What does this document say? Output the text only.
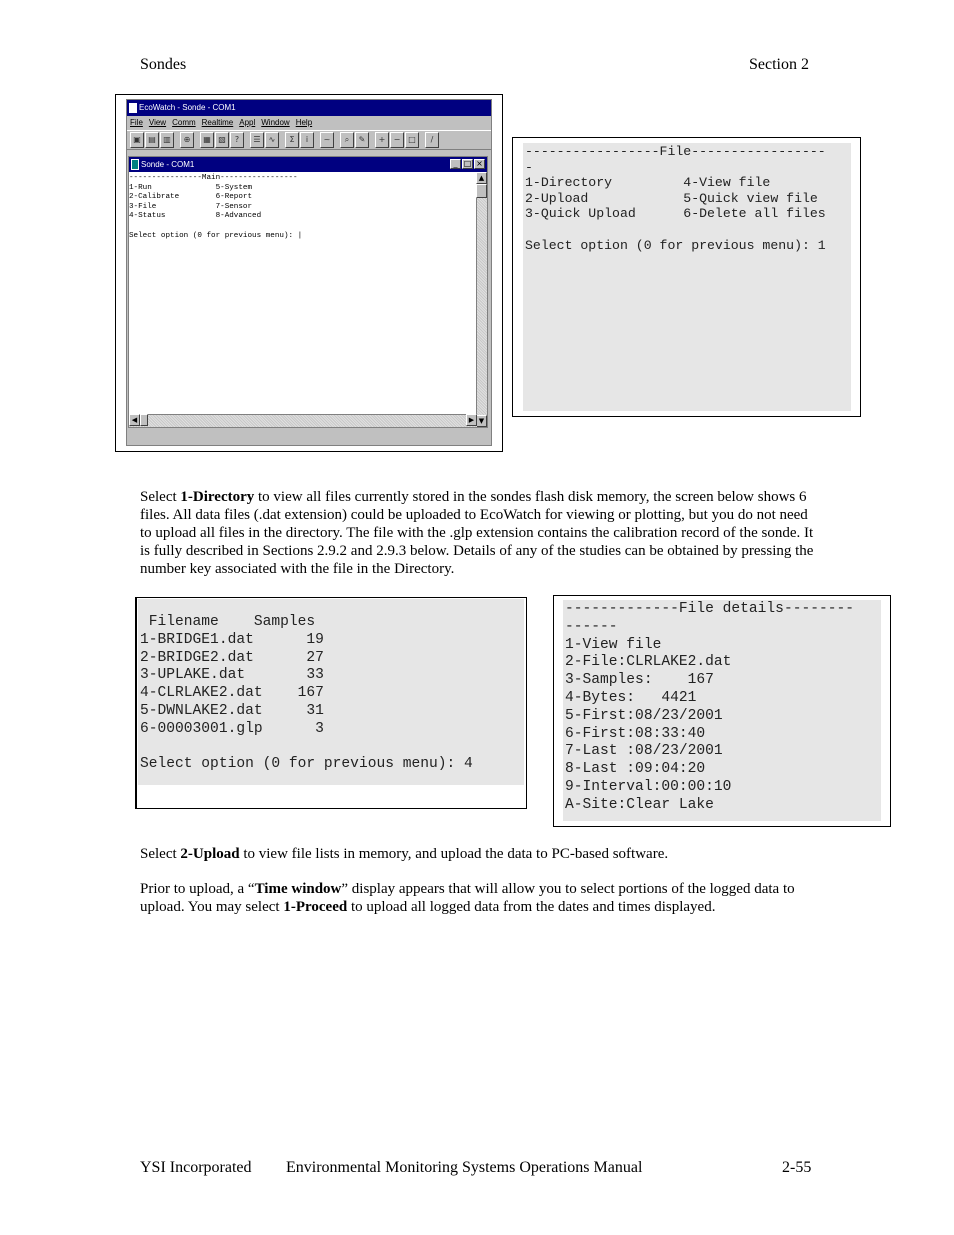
Sondes	Section 2
EcoWatch - Sonde - COM1
File View Comm Realtime Appl Window Help
▣ ▤ ▥	⊕	▦ ▧	?	☰	∿	Σ	i	~	⌕	✎	+	− □	/
Sonde - COM1	_ □ ×
----------------Main-----------------
1-Run              5-System
2-Calibrate        6-Report
3-File             7-Sensor
4-Status           8-Advanced

Select option (0 for previous menu): |
▲
▼
◀	▶
-----------------File-----------------
-
1-Directory         4-View file
2-Upload            5-Quick view file
3-Quick Upload      6-Delete all files

Select option (0 for previous menu): 1
Select 1-Directory to view all files currently stored in the sondes flash disk memory, the screen below shows 6 files. All data files (.dat extension) could be uploaded to EcoWatch for viewing or plotting, but you do not need to upload all files in the directory. The file with the .glp extension contains the calibration record of the sonde. It is fully described in Sections 2.9.2 and 2.9.3 below. Details of any of the studies can be obtained by pressing the number key associated with the file in the Directory.
Filename    Samples
1-BRIDGE1.dat      19
2-BRIDGE2.dat      27
3-UPLAKE.dat       33
4-CLRLAKE2.dat    167
5-DWNLAKE2.dat     31
6-00003001.glp      3

Select option (0 for previous menu): 4
-------------File details--------
------
1-View file
2-File:CLRLAKE2.dat
3-Samples:    167
4-Bytes:   4421
5-First:08/23/2001
6-First:08:33:40
7-Last :08/23/2001
8-Last :09:04:20
9-Interval:00:00:10
A-Site:Clear Lake
Select 2-Upload to view file lists in memory, and upload the data to PC-based software.
Prior to upload, a “Time window” display appears that will allow you to select portions of the logged data to upload. You may select 1-Proceed to upload all logged data from the dates and times displayed.
YSI Incorporated Environmental Monitoring Systems Operations Manual	2-55
